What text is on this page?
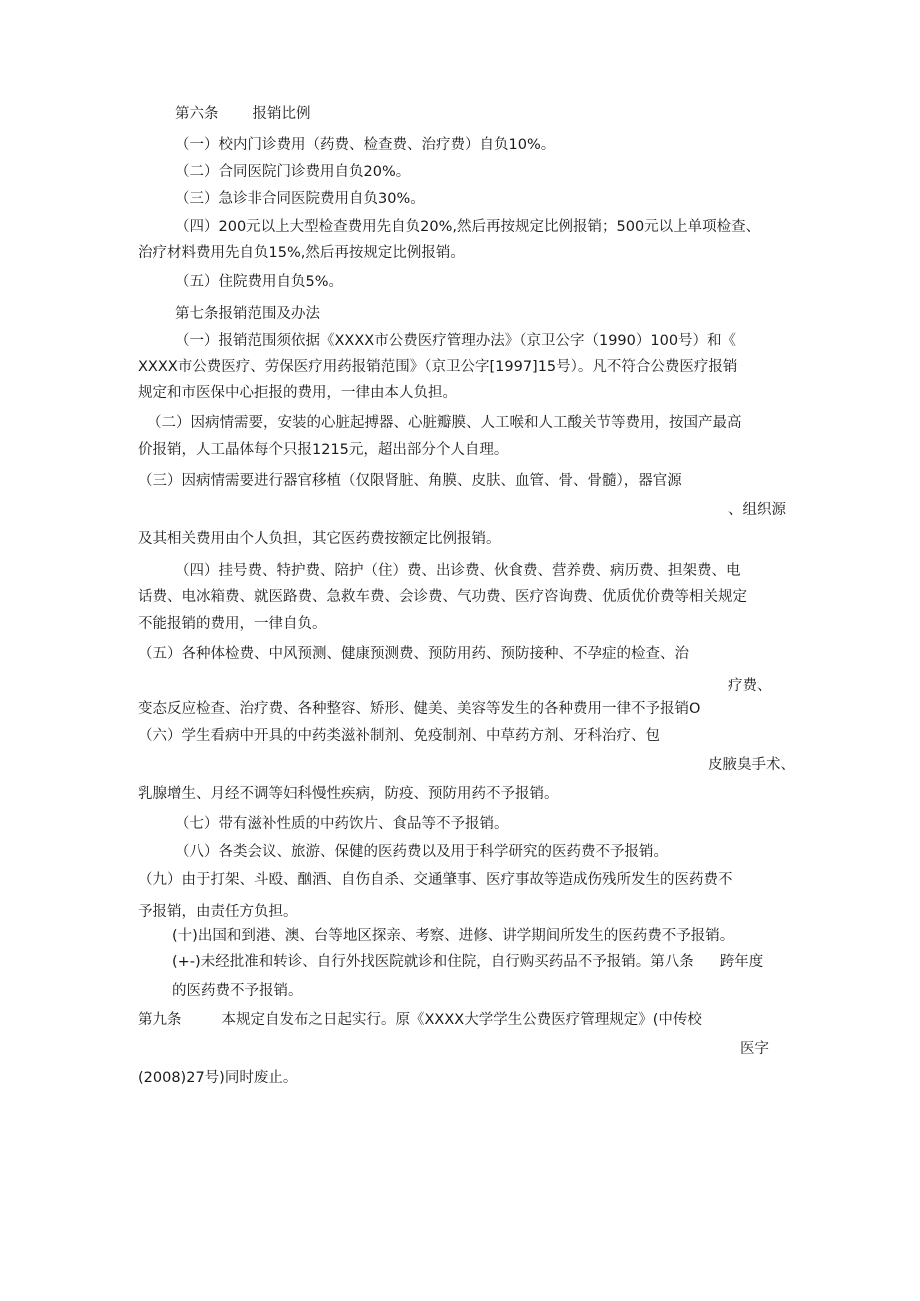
第六条 报销比例
（一）校内门诊费用（药费、检查费、治疗费）自负10%。
（二）合同医院门诊费用自负20%。
（三）急诊非合同医院费用自负30%。
（四）200元以上大型检查费用先自负20%,然后再按规定比例报销；500元以上单项检查、
治疗材料费用先自负15%,然后再按规定比例报销。
（五）住院费用自负5%。
第七条报销范围及办法
（一）报销范围须依据《XXXX市公费医疗管理办法》（京卫公字（1990）100号）和《
XXXX市公费医疗、劳保医疗用药报销范围》（京卫公字[1997]15号）。凡不符合公费医疗报销
规定和市医保中心拒报的费用，一律由本人负担。
（二）因病情需要，安装的心脏起搏器、心脏瓣膜、人工喉和人工酸关节等费用，按国产最高
价报销，人工晶体每个只报1215元，超出部分个人自理。
（三）因病情需要进行器官移植（仅限肾脏、角膜、皮肤、血管、骨、骨髓），器官源
、组织源
及其相关费用由个人负担，其它医药费按额定比例报销。
（四）挂号费、特护费、陪护（住）费、出诊费、伙食费、营养费、病历费、担架费、电
话费、电冰箱费、就医路费、急救车费、会诊费、气功费、医疗咨询费、优质优价费等相关规定
不能报销的费用，一律自负。
（五）各种体检费、中风预测、健康预测费、预防用药、预防接种、不孕症的检查、治
疗费、
变态反应检查、治疗费、各种整容、矫形、健美、美容等发生的各种费用一律不予报销O
（六）学生看病中开具的中药类滋补制剂、免疫制剂、中草药方剂、牙科治疗、包
皮腋臭手术、
乳腺增生、月经不调等妇科慢性疾病，防疫、预防用药不予报销。
（七）带有滋补性质的中药饮片、食品等不予报销。
（八）各类会议、旅游、保健的医药费以及用于科学研究的医药费不予报销。
（九）由于打架、斗殴、酗酒、自伤自杀、交通肇事、医疗事故等造成伤残所发生的医药费不
予报销，由责任方负担。
(十)出国和到港、澳、台等地区探亲、考察、进修、讲学期间所发生的医药费不予报销。
(+-)未经批准和转诊、自行外找医院就诊和住院，自行购买药品不予报销。第八条 跨年度
的医药费不予报销。
第九条	本规定自发布之日起实行。原《XXXX大学学生公费医疗管理规定》(中传校
医字
(2008)27号)同时废止。
